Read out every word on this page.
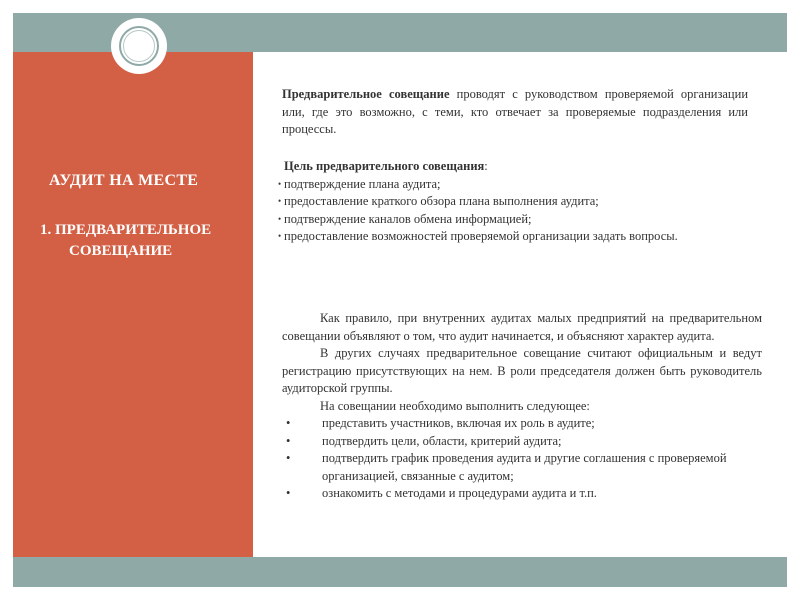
АУДИТ НА МЕСТЕ
1. ПРЕДВАРИТЕЛЬНОЕ
СОВЕЩАНИЕ

Предварительное совещание проводят с руководством проверяемой организации или, где это возможно, с теми, кто отвечает за проверяемые подразделения или процессы.

Цель предварительного совещания:

• подтверждение плана аудита;
• предоставление краткого обзора плана выполнения аудита;
• подтверждение каналов обмена информацией;
• предоставление возможностей проверяемой организации задать вопросы.

Как правило, при внутренних аудитах малых предприятий на предварительном совещании объявляют о том, что аудит начинается, и объясняют характер аудита.

В других случаях предварительное совещание считают официальным и ведут регистрацию присутствующих на нем. В роли председателя должен быть руководитель аудиторской группы.

На совещании необходимо выполнить следующее:

• представить участников, включая их роль в аудите;
• подтвердить цели, области, критерий аудита;
• подтвердить график проведения аудита и другие соглашения с проверяемой организацией, связанные с аудитом;
• ознакомить с методами и процедурами аудита и т.п.
